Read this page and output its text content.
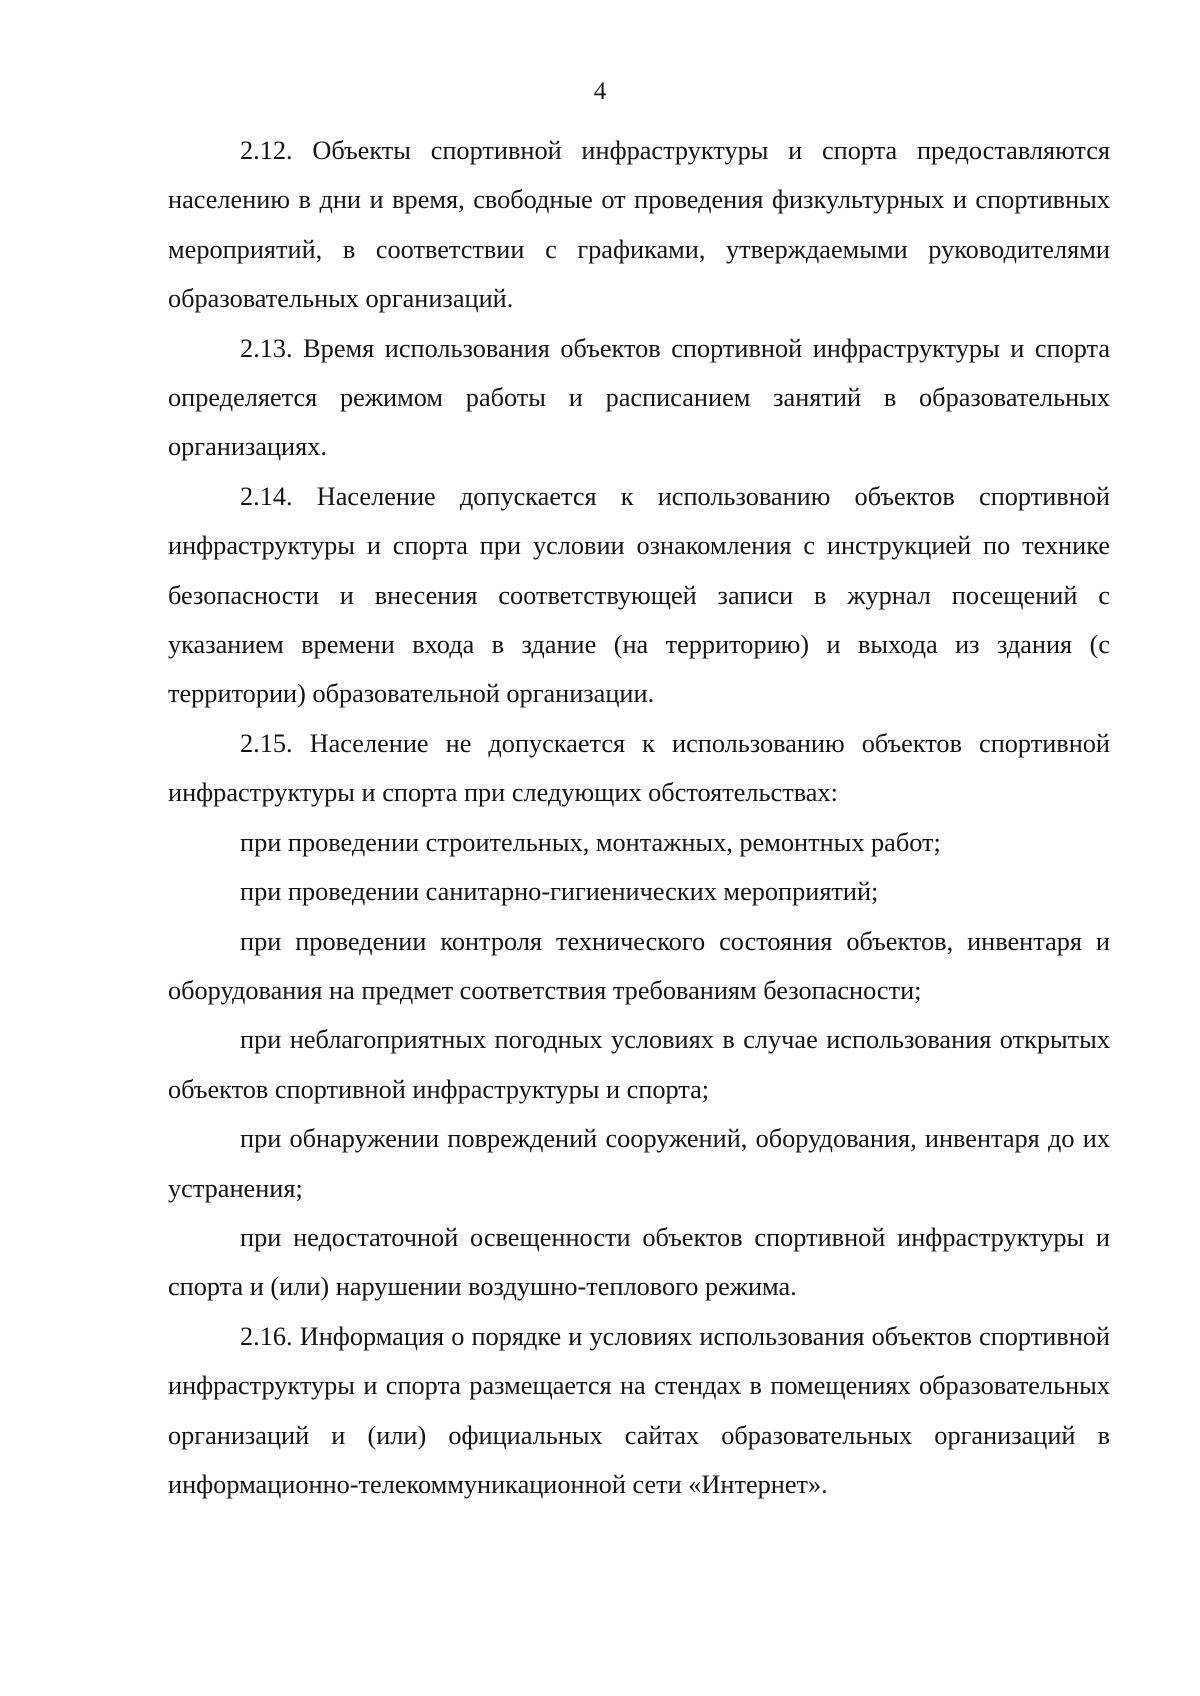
4

2.12. Объекты спортивной инфраструктуры и спорта предоставляются населению в дни и время, свободные от проведения физкультурных и спортивных мероприятий, в соответствии с графиками, утверждаемыми руководителями образовательных организаций.

2.13. Время использования объектов спортивной инфраструктуры и спорта определяется режимом работы и расписанием занятий в образовательных организациях.

2.14. Население допускается к использованию объектов спортивной инфраструктуры и спорта при условии ознакомления с инструкцией по технике безопасности и внесения соответствующей записи в журнал посещений с указанием времени входа в здание (на территорию) и выхода из здания (с территории) образовательной организации.

2.15. Население не допускается к использованию объектов спортивной инфраструктуры и спорта при следующих обстоятельствах:

при проведении строительных, монтажных, ремонтных работ;

при проведении санитарно-гигиенических мероприятий;

при проведении контроля технического состояния объектов, инвентаря и оборудования на предмет соответствия требованиям безопасности;

при неблагоприятных погодных условиях в случае использования открытых объектов спортивной инфраструктуры и спорта;

при обнаружении повреждений сооружений, оборудования, инвентаря до их устранения;

при недостаточной освещенности объектов спортивной инфраструктуры и спорта и (или) нарушении воздушно-теплового режима.

2.16. Информация о порядке и условиях использования объектов спортивной инфраструктуры и спорта размещается на стендах в помещениях образовательных организаций и (или) официальных сайтах образовательных организаций в информационно-телекоммуникационной сети «Интернет».
